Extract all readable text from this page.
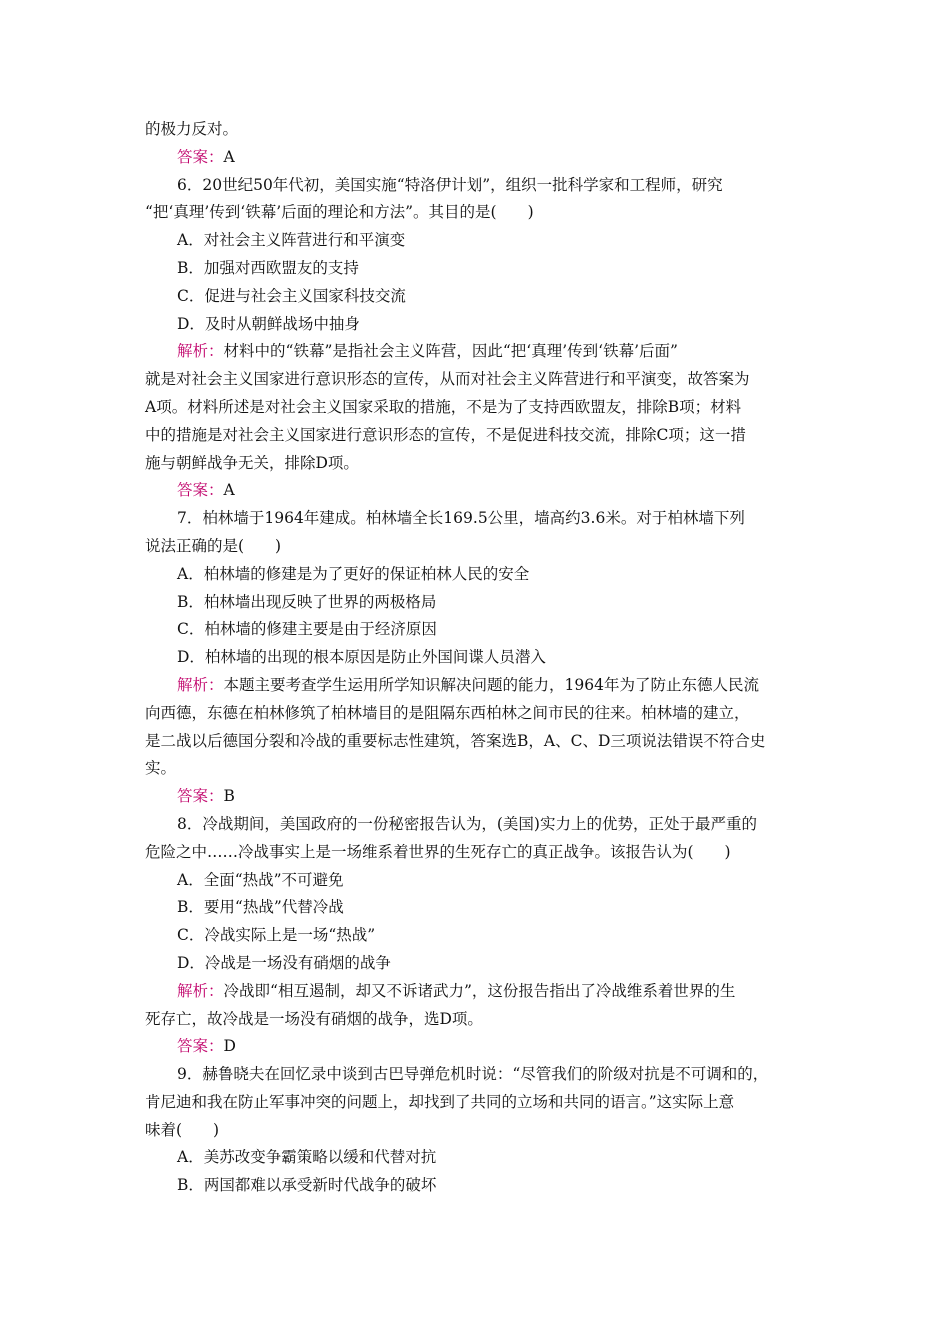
的极力反对。
答案：A
6．20世纪50年代初，美国实施“特洛伊计划”，组织一批科学家和工程师，研究
“把‘真理’传到‘铁幕’后面的理论和方法”。其目的是(　　)
A．对社会主义阵营进行和平演变
B．加强对西欧盟友的支持
C．促进与社会主义国家科技交流
D．及时从朝鲜战场中抽身
解析：材料中的“铁幕”是指社会主义阵营，因此“把‘真理’传到‘铁幕’后面”
就是对社会主义国家进行意识形态的宣传，从而对社会主义阵营进行和平演变，故答案为
A项。材料所述是对社会主义国家采取的措施，不是为了支持西欧盟友，排除B项；材料
中的措施是对社会主义国家进行意识形态的宣传，不是促进科技交流，排除C项；这一措
施与朝鲜战争无关，排除D项。
答案：A
7．柏林墙于1964年建成。柏林墙全长169.5公里，墙高约3.6米。对于柏林墙下列
说法正确的是(　　)
A．柏林墙的修建是为了更好的保证柏林人民的安全
B．柏林墙出现反映了世界的两极格局
C．柏林墙的修建主要是由于经济原因
D．柏林墙的出现的根本原因是防止外国间谍人员潜入
解析：本题主要考查学生运用所学知识解决问题的能力，1964年为了防止东德人民流
向西德，东德在柏林修筑了柏林墙目的是阻隔东西柏林之间市民的往来。柏林墙的建立，
是二战以后德国分裂和冷战的重要标志性建筑，答案选B，A、C、D三项说法错误不符合史
实。
答案：B
8．冷战期间，美国政府的一份秘密报告认为，(美国)实力上的优势，正处于最严重的
危险之中……冷战事实上是一场维系着世界的生死存亡的真正战争。该报告认为(　　)
A．全面“热战”不可避免
B．要用“热战”代替冷战
C．冷战实际上是一场“热战”
D．冷战是一场没有硝烟的战争
解析：冷战即“相互遏制，却又不诉诸武力”，这份报告指出了冷战维系着世界的生
死存亡，故冷战是一场没有硝烟的战争，选D项。
答案：D
9．赫鲁晓夫在回忆录中谈到古巴导弹危机时说：“尽管我们的阶级对抗是不可调和的，
肯尼迪和我在防止军事冲突的问题上，却找到了共同的立场和共同的语言。”这实际上意
味着(　　)
A．美苏改变争霸策略以缓和代替对抗
B．两国都难以承受新时代战争的破坏
